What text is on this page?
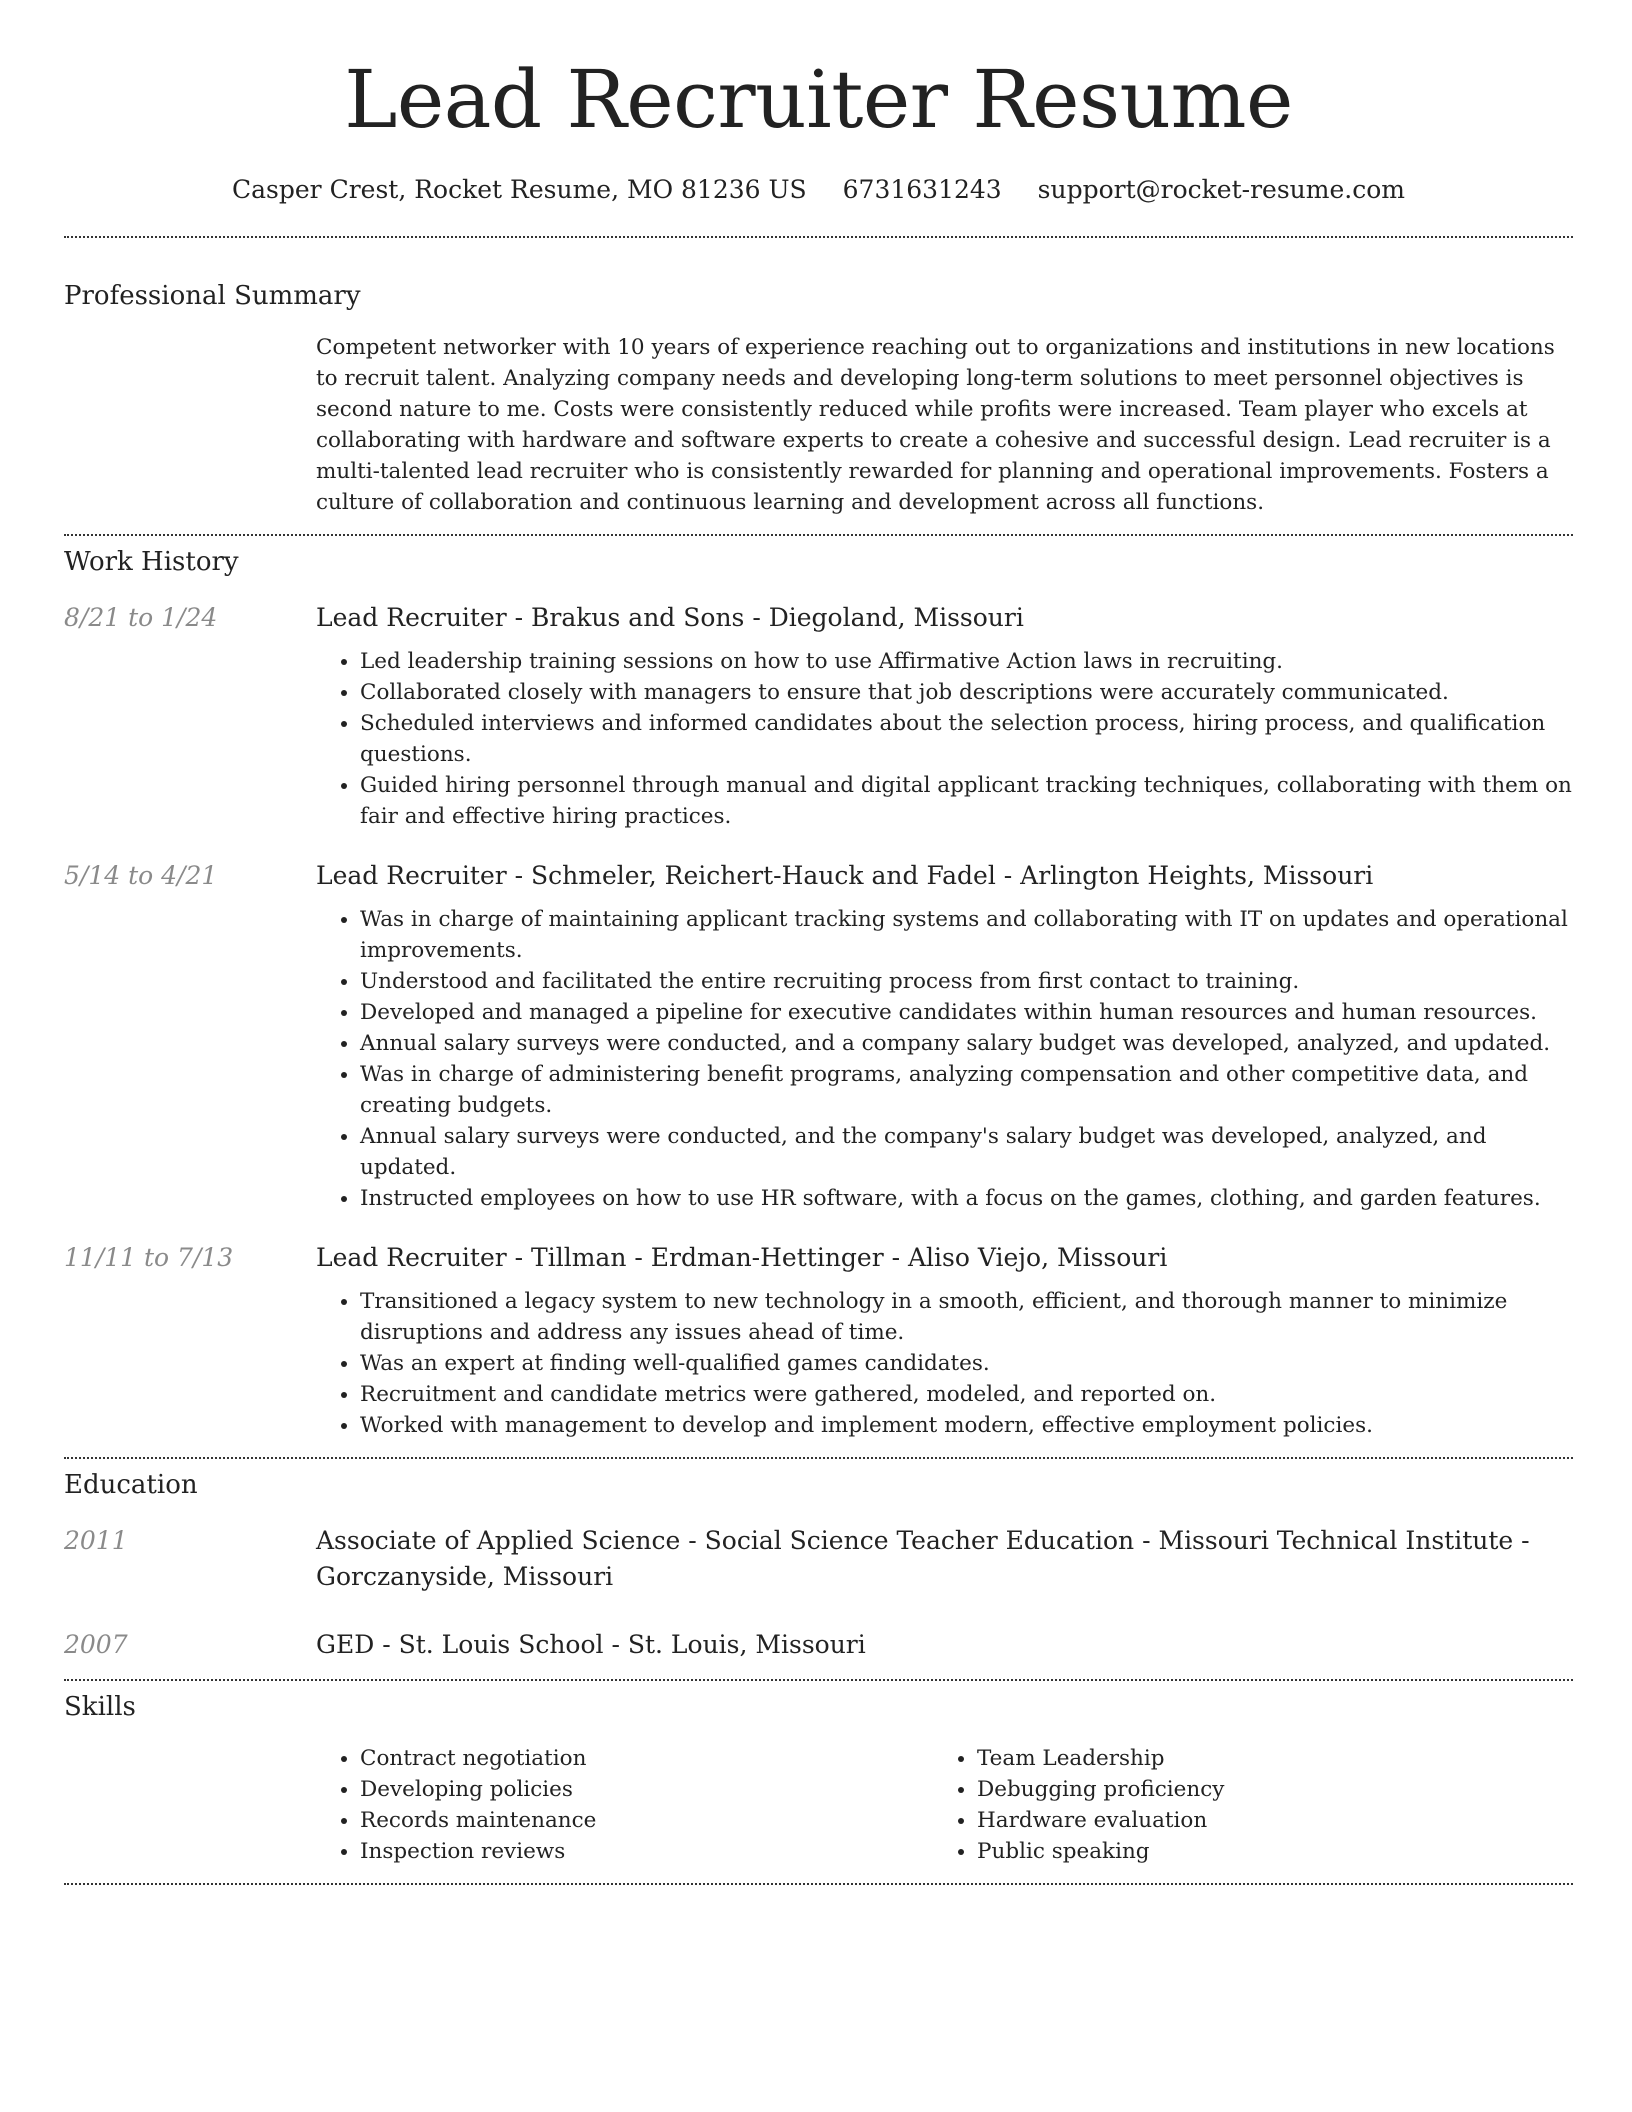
Lead Recruiter Resume
Casper Crest, Rocket Resume, MO 81236 US 6731631243 support@rocket-resume.com
Professional Summary
Competent networker with 10 years of experience reaching out to organizations and institutions in new locations to recruit talent. Analyzing company needs and developing long-term solutions to meet personnel objectives is second nature to me. Costs were consistently reduced while profits were increased. Team player who excels at collaborating with hardware and software experts to create a cohesive and successful design. Lead recruiter is a multi-talented lead recruiter who is consistently rewarded for planning and operational improvements. Fosters a culture of collaboration and continuous learning and development across all functions.
Work History
8/21 to 1/24	Lead Recruiter - Brakus and Sons - Diegoland, Missouri
• Led leadership training sessions on how to use Affirmative Action laws in recruiting.
• Collaborated closely with managers to ensure that job descriptions were accurately communicated.
• Scheduled interviews and informed candidates about the selection process, hiring process, and qualification questions.
• Guided hiring personnel through manual and digital applicant tracking techniques, collaborating with them on fair and effective hiring practices.
5/14 to 4/21	Lead Recruiter - Schmeler, Reichert-Hauck and Fadel - Arlington Heights, Missouri
• Was in charge of maintaining applicant tracking systems and collaborating with IT on updates and operational improvements.
• Understood and facilitated the entire recruiting process from first contact to training.
• Developed and managed a pipeline for executive candidates within human resources and human resources.
• Annual salary surveys were conducted, and a company salary budget was developed, analyzed, and updated.
• Was in charge of administering benefit programs, analyzing compensation and other competitive data, and creating budgets.
• Annual salary surveys were conducted, and the company's salary budget was developed, analyzed, and updated.
• Instructed employees on how to use HR software, with a focus on the games, clothing, and garden features.
11/11 to 7/13	Lead Recruiter - Tillman - Erdman-Hettinger - Aliso Viejo, Missouri
• Transitioned a legacy system to new technology in a smooth, efficient, and thorough manner to minimize disruptions and address any issues ahead of time.
• Was an expert at finding well-qualified games candidates.
• Recruitment and candidate metrics were gathered, modeled, and reported on.
• Worked with management to develop and implement modern, effective employment policies.
Education
2011	Associate of Applied Science - Social Science Teacher Education - Missouri Technical Institute - Gorczanyside, Missouri
2007	GED - St. Louis School - St. Louis, Missouri
Skills
• Contract negotiation
• Developing policies
• Records maintenance
• Inspection reviews
• Team Leadership
• Debugging proficiency
• Hardware evaluation
• Public speaking
